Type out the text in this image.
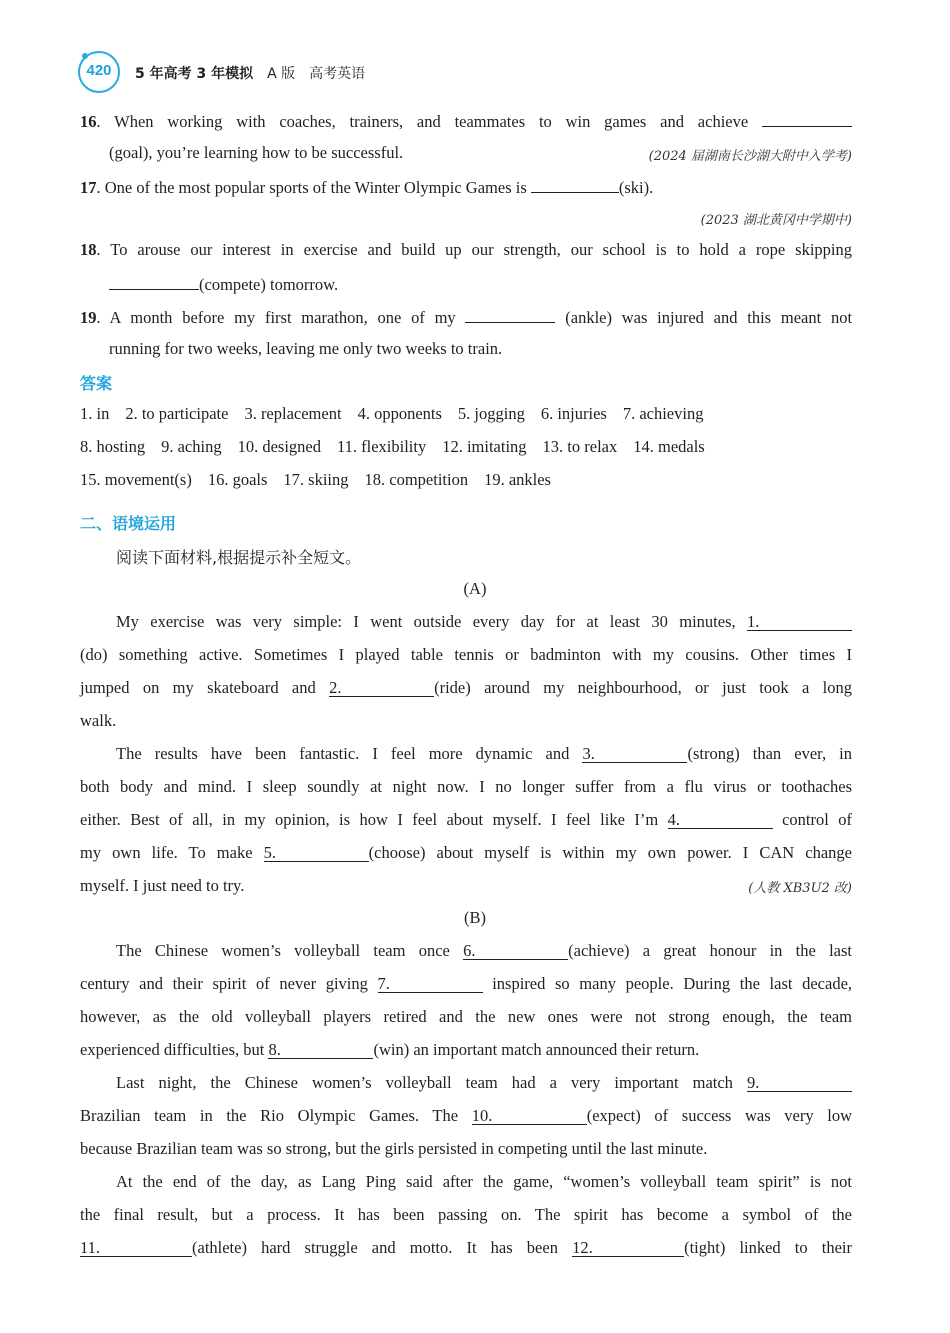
420	5 年高考 3 年模拟 A 版 高考英语
16. When working with coaches, trainers, and teammates to win games and achieve
(goal), you’re learning how to be successful.	(2024 届湖南长沙湖大附中入学考)
17. One of the most popular sports of the Winter Olympic Games is	(ski).
(2023 湖北黄冈中学期中)
18. To arouse our interest in exercise and build up our strength, our school is to hold a rope skipping
(compete) tomorrow.
19. A month before my first marathon, one of my	(ankle) was injured and this meant not
running for two weeks, leaving me only two weeks to train.
答案
1. in 2. to participate 3. replacement 4. opponents 5. jogging 6. injuries 7. achieving
8. hosting 9. aching 10. designed 11. flexibility 12. imitating 13. to relax 14. medals
15. movement(s) 16. goals 17. skiing 18. competition 19. ankles
二、语境运用
阅读下面材料,根据提示补全短文。
(A)
My exercise was very simple: I went outside every day for at least 30 minutes, 1.
(do) something active. Sometimes I played table tennis or badminton with my cousins. Other times I
jumped on my skateboard and 2.	(ride) around my neighbourhood, or just took a long
walk.
The results have been fantastic. I feel more dynamic and 3.	(strong) than ever, in
both body and mind. I sleep soundly at night now. I no longer suffer from a flu virus or toothaches
either. Best of all, in my opinion, is how I feel about myself. I feel like I’m 4.	control of
my own life. To make 5.	(choose) about myself is within my own power. I CAN change
myself. I just need to try.	(人教 XB3U2 改)
(B)
The Chinese women’s volleyball team once 6.	(achieve) a great honour in the last
century and their spirit of never giving 7.	inspired so many people. During the last decade,
however, as the old volleyball players retired and the new ones were not strong enough, the team
experienced difficulties, but 8.	(win) an important match announced their return.
Last night, the Chinese women’s volleyball team had a very important match 9.
Brazilian team in the Rio Olympic Games. The 10.	(expect) of success was very low
because Brazilian team was so strong, but the girls persisted in competing until the last minute.
At the end of the day, as Lang Ping said after the game, “women’s volleyball team spirit” is not
the final result, but a process. It has been passing on. The spirit has become a symbol of the
11.	(athlete) hard struggle and motto. It has been 12.	(tight) linked to their
